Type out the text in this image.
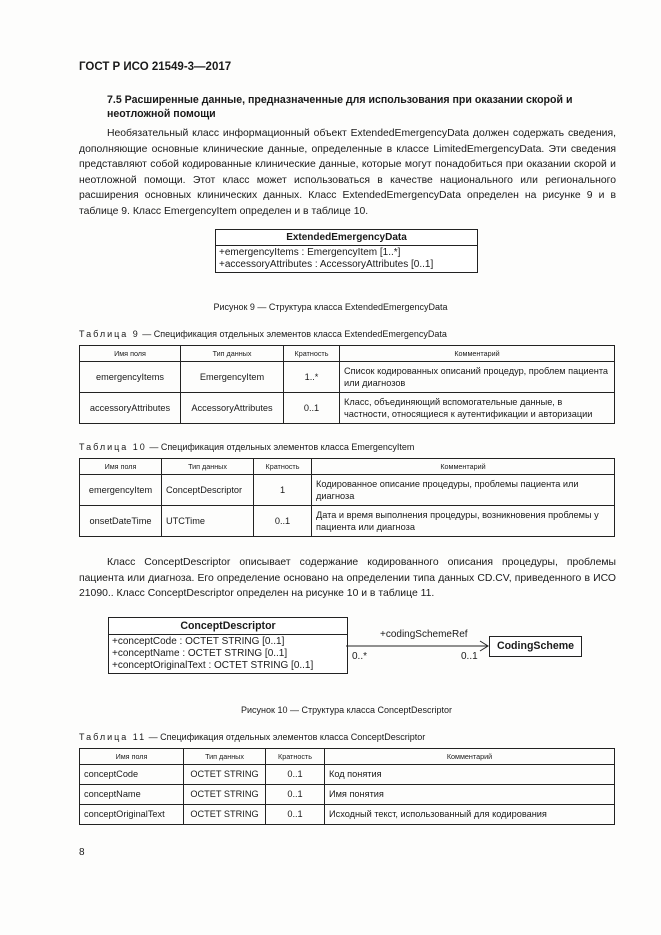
ГОСТ Р ИСО 21549-3—2017
7.5 Расширенные данные, предназначенные для использования при оказании скорой и неотложной помощи
Необязательный класс информационный объект ExtendedEmergencyData должен содержать сведения, дополняющие основные клинические данные, определенные в классе LimitedEmergencyData. Эти сведения представляют собой кодированные клинические данные, которые могут понадобиться при оказании скорой и неотложной помощи. Этот класс может использоваться в качестве национального или регионального расширения основных клинических данных. Класс ExtendedEmergencyData определен на рисунке 9 и в таблице 9. Класс EmergencyItem определен и в таблице 10.
ExtendedEmergencyData
+emergencyItems : EmergencyItem [1..*]
+accessoryAttributes : AccessoryAttributes [0..1]
Рисунок 9 — Структура класса ExtendedEmergencyData
Таблица 9 — Спецификация отдельных элементов класса ExtendedEmergencyData
Имя поля	Тип данных	Кратность	Комментарий
emergencyItems	EmergencyItem	1..*	Список кодированных описаний процедур, проблем пациента или диагнозов
accessoryAttributes	AccessoryAttributes	0..1	Класс, объединяющий вспомогательные данные, в частности, относящиеся к аутентификации и авторизации
Таблица 10 — Спецификация отдельных элементов класса EmergencyItem
Имя поля	Тип данных	Кратность	Комментарий
emergencyItem	ConceptDescriptor	1	Кодированное описание процедуры, проблемы пациента или диагноза
onsetDateTime	UTCTime	0..1	Дата и время выполнения процедуры, возникновения проблемы у пациента или диагноза
Класс ConceptDescriptor описывает содержание кодированного описания процедуры, проблемы пациента или диагноза. Его определение основано на определении типа данных CD.CV, приведенного в ИСО 21090.. Класс ConceptDescriptor определен на рисунке 10 и в таблице 11.
ConceptDescriptor
+conceptCode : OCTET STRING [0..1]
+conceptName : OCTET STRING [0..1]
+conceptOriginalText : OCTET STRING [0..1]
+codingSchemeRef
0..*	0..1
CodingScheme
Рисунок 10 — Структура класса ConceptDescriptor
Таблица 11 — Спецификация отдельных элементов класса ConceptDescriptor
Имя поля	Тип данных	Кратность	Комментарий
conceptCode	OCTET STRING	0..1	Код понятия
conceptName	OCTET STRING	0..1	Имя понятия
conceptOriginalText	OCTET STRING	0..1	Исходный текст, использованный для кодирования
8
